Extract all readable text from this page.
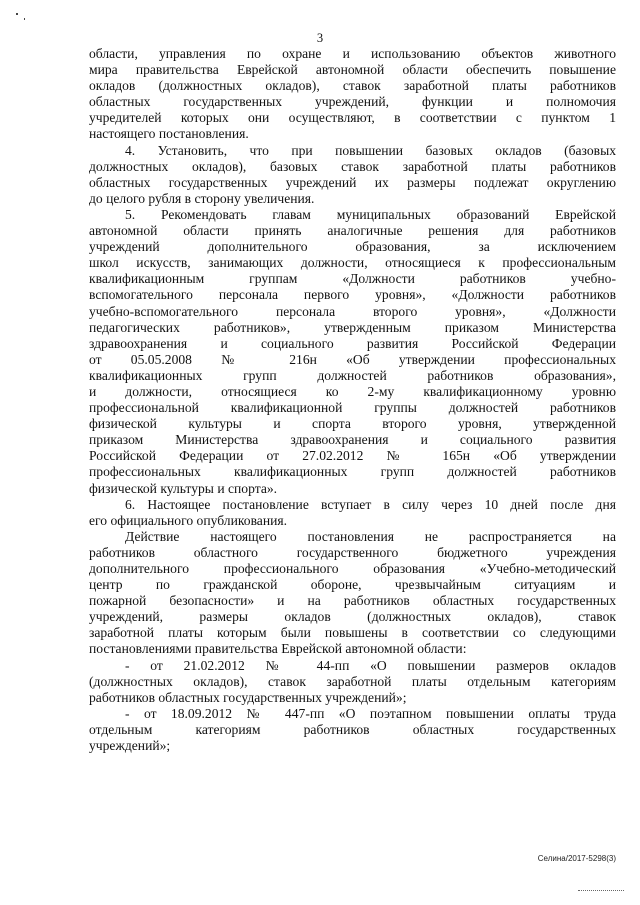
3
области, управления по охране и использованию объектов животного
мира правительства Еврейской автономной области обеспечить повышение
окладов (должностных окладов), ставок заработной платы работников
областных государственных учреждений, функции и полномочия
учредителей которых они осуществляют, в соответствии с пунктом 1
настоящего постановления.
4. Установить, что при повышении базовых окладов (базовых
должностных окладов), базовых ставок заработной платы работников
областных государственных учреждений их размеры подлежат округлению
до целого рубля в сторону увеличения.
5. Рекомендовать главам муниципальных образований Еврейской
автономной области принять аналогичные решения для работников
учреждений дополнительного образования, за исключением
школ искусств, занимающих должности, относящиеся к профессиональным
квалификационным группам «Должности работников учебно-
вспомогательного персонала первого уровня», «Должности работников
учебно-вспомогательного персонала второго уровня», «Должности
педагогических работников», утвержденным приказом Министерства
здравоохранения и социального развития Российской Федерации
от 05.05.2008 № 216н «Об утверждении профессиональных
квалификационных групп должностей работников образования»,
и должности, относящиеся ко 2-му квалификационному уровню
профессиональной квалификационной группы должностей работников
физической культуры и спорта второго уровня, утвержденной
приказом Министерства здравоохранения и социального развития
Российской Федерации от 27.02.2012 № 165н «Об утверждении
профессиональных квалификационных групп должностей работников
физической культуры и спорта».
6. Настоящее постановление вступает в силу через 10 дней после дня
его официального опубликования.
Действие настоящего постановления не распространяется на
работников областного государственного бюджетного учреждения
дополнительного профессионального образования «Учебно-методический
центр по гражданской обороне, чрезвычайным ситуациям и
пожарной безопасности» и на работников областных государственных
учреждений, размеры окладов (должностных окладов), ставок
заработной платы которым были повышены в соответствии со следующими
постановлениями правительства Еврейской автономной области:
- от 21.02.2012 № 44-пп «О повышении размеров окладов
(должностных окладов), ставок заработной платы отдельным категориям
работников областных государственных учреждений»;
- от 18.09.2012 № 447-пп «О поэтапном повышении оплаты труда
отдельным категориям работников областных государственных
учреждений»;
Селина/2017-5298(3)
